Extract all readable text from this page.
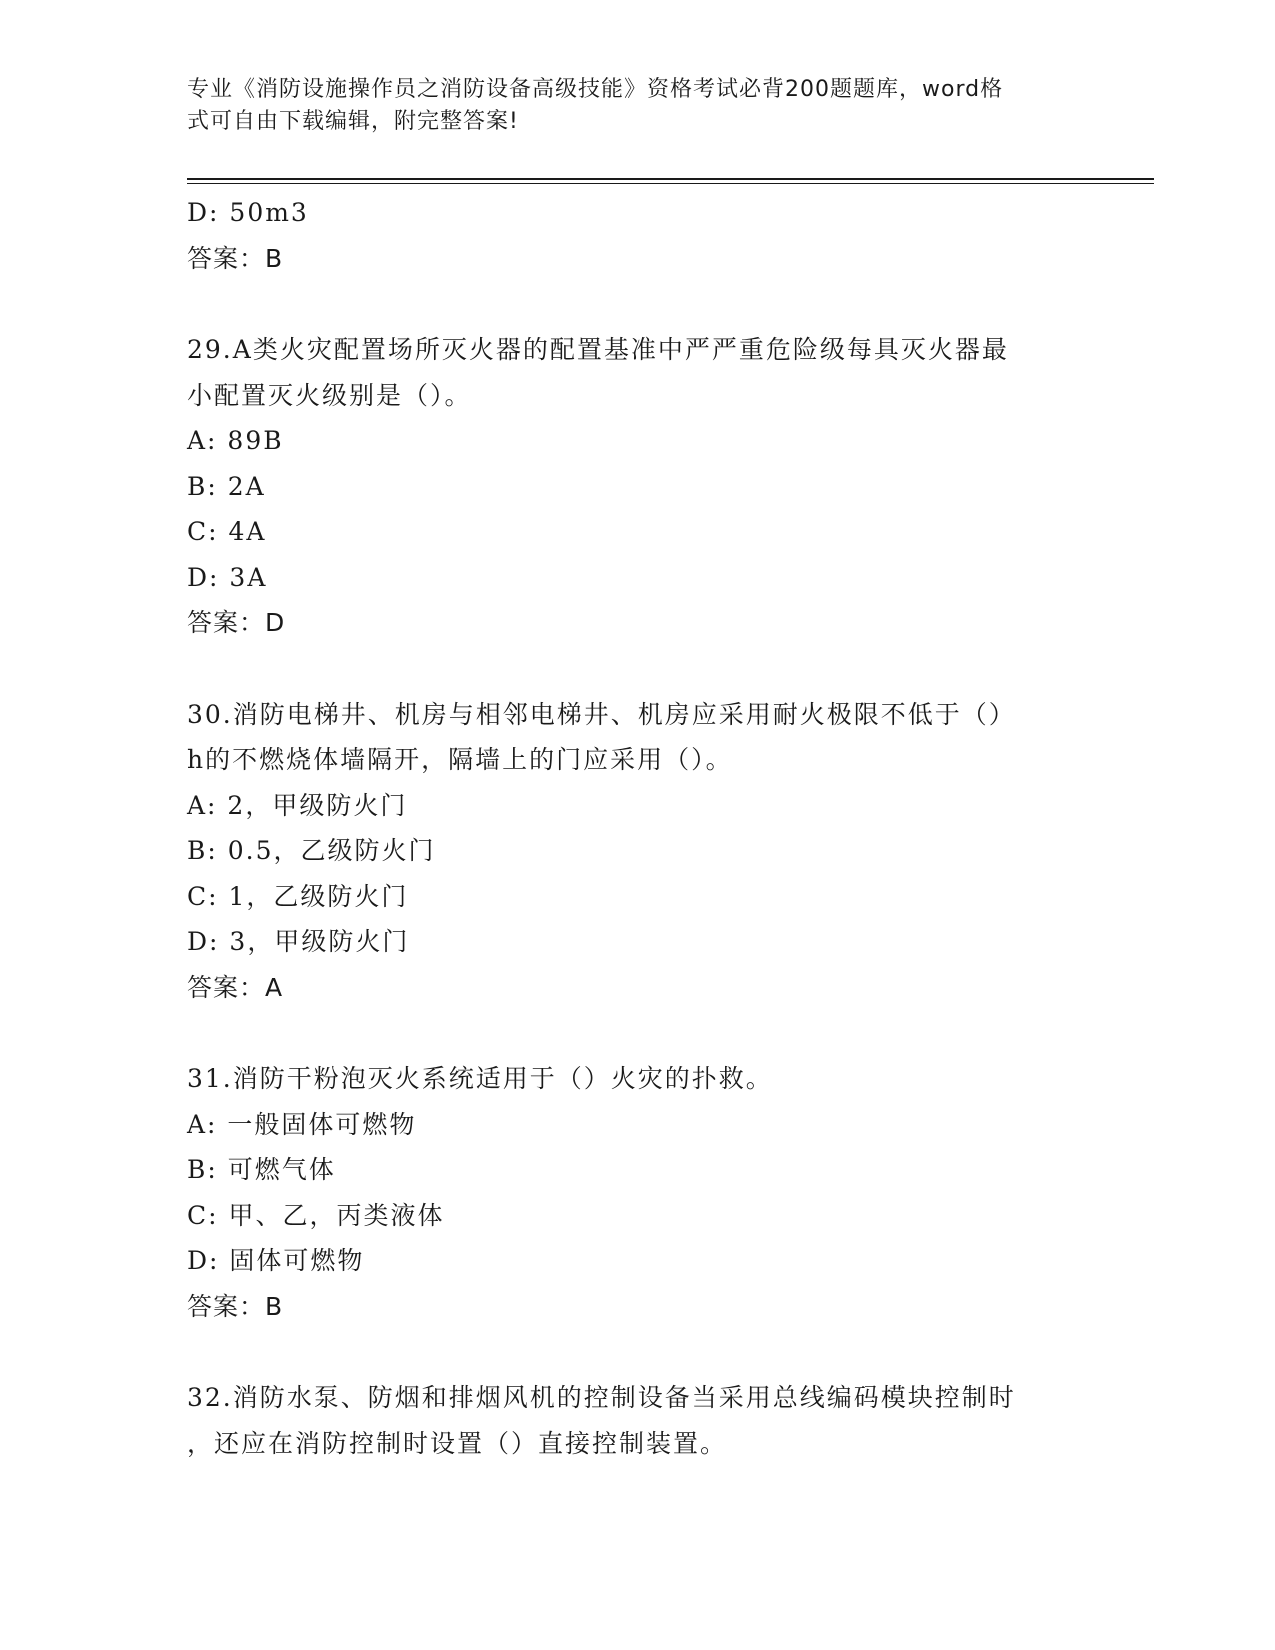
专业《消防设施操作员之消防设备高级技能》资格考试必背200题题库，word格
式可自由下载编辑，附完整答案!
D: 50m3
答案：B
29.A类火灾配置场所灭火器的配置基准中严严重危险级每具灭火器最
小配置灭火级别是（）。
A: 89B
B: 2A
C: 4A
D: 3A
答案：D
30.消防电梯井、机房与相邻电梯井、机房应采用耐火极限不低于（）
h的不燃烧体墙隔开，隔墙上的门应采用（）。
A: 2，甲级防火门
B: 0.5，乙级防火门
C: 1，乙级防火门
D: 3，甲级防火门
答案：A
31.消防干粉泡灭火系统适用于（）火灾的扑救。
A: 一般固体可燃物
B: 可燃气体
C: 甲、乙，丙类液体
D: 固体可燃物
答案：B
32.消防水泵、防烟和排烟风机的控制设备当采用总线编码模块控制时
，还应在消防控制时设置（）直接控制装置。
